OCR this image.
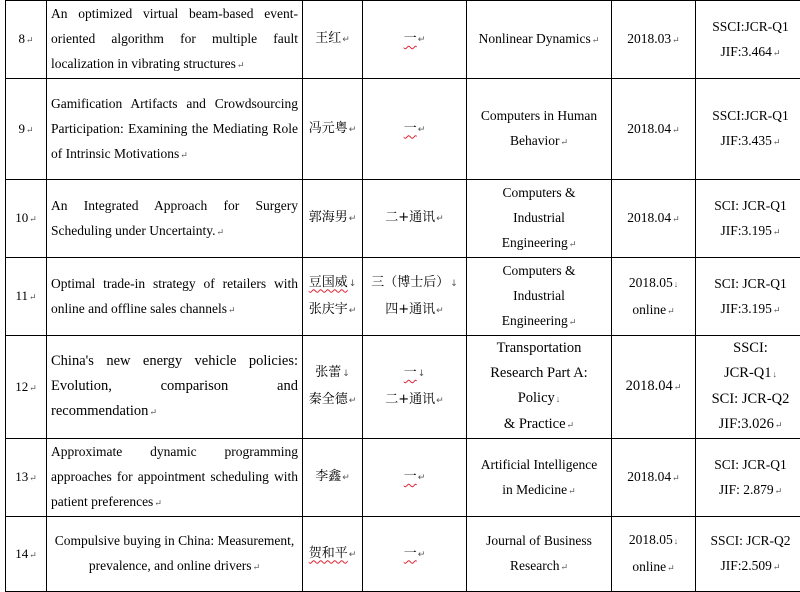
8↵	An optimized virtual beam-based event-oriented algorithm for multiple fault localization in vibrating structures↵	王红↵	一↵	Nonlinear Dynamics↵	2018.03↵	SSCI:JCR-Q1
JIF:3.464↵

9↵	Gamification Artifacts and Crowdsourcing Participation: Examining the Mediating Role of Intrinsic Motivations↵	冯元粤↵	一↵	Computers in Human Behavior↵	2018.04↵	SSCI:JCR-Q1
JIF:3.435↵

10↵	An Integrated Approach for Surgery Scheduling under Uncertainty.↵	郭海男↵	二+通讯↵	Computers &
Industrial
Engineering↵	2018.04↵	SCI: JCR-Q1
JIF:3.195↵

11↵	Optimal trade-in strategy of retailers with online and offline sales channels↵	豆国威↓
张庆宇↵	三（博士后）↓
四+通讯↵	Computers &
Industrial
Engineering↵	2018.05↓
online↵	SCI: JCR-Q1
JIF:3.195↵

12↵	China's new energy vehicle policies: Evolution, comparison and recommendation↵	张蕾↓
秦全德↵	一↓
二+通讯↵	Transportation
Research Part A:
Policy↓
& Practice↵	2018.04↵	SSCI:
JCR-Q1↓
SCI: JCR-Q2
JIF:3.026↵

13↵	Approximate dynamic programming approaches for appointment scheduling with patient preferences↵	李鑫↵	一↵	Artificial Intelligence
in Medicine↵	2018.04↵	SCI: JCR-Q1
JIF: 2.879↵

14↵	Compulsive buying in China: Measurement, prevalence, and online drivers↵	贺和平↵	一↵	Journal of Business
Research↵	2018.05↓
online↵	SSCI: JCR-Q2
JIF:2.509↵
